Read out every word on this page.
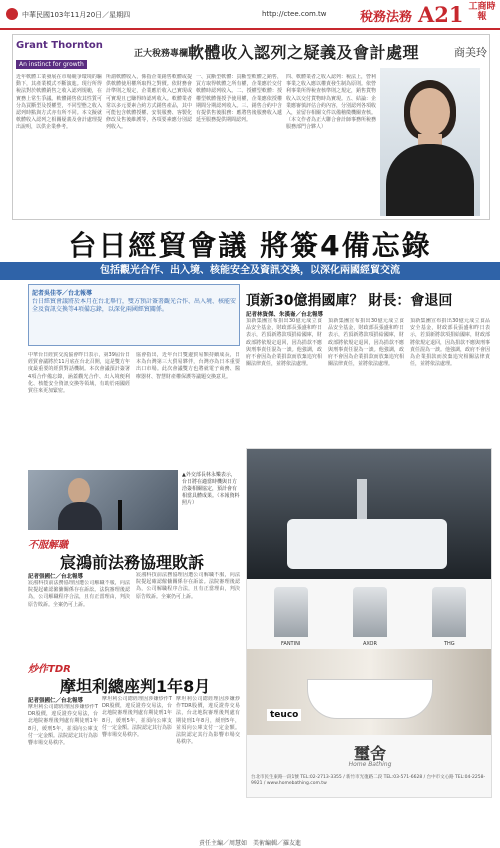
中華民國103年11月20日／星期四	http://ctee.com.tw	稅務法務 A21 工商時報
Grant Thornton
An instinct for growth
正大稅務專欄 軟體收入認列之疑義及會計處理	商美玲
近年軟體工業發展在市場競爭環境的驅動下，其產業模式不斷演進。現行所得稅法對於軟體銷售之收入認列規範，在實務上常生爭議。軟體銷售依其性質可分為買斷型及授權型，不同型態之收入認列時點與方式亦有所不同。本文擬就軟體收入認列之相關疑義及會計處理提出說明，以供企業參考。
所謂軟體收入，係指企業銷售軟體或提供軟體使用權所取得之對價。依財務會計準則之規定，企業應於收入已實現或可實現且已賺得時認列收入。軟體業者常以多元要素合約方式銷售產品，其中可能包含軟體授權、安裝服務、客製化修改及售後維護等，各項要素應分別認列收入。
一、買斷型軟體：買斷型軟體之銷售，買方取得軟體之所有權，企業應於交付軟體時認列收入。二、授權型軟體：授權型軟體僅授予使用權，企業應依授權期間分期認列收入。三、銷售合約中含有提供售後服務：應將售後服務收入遞延至服務提供期間認列。
四、軟體業者之收入認列：稅法上，營利事業之收入應以權責發生制為原則。依營利事業所得稅查核準則之規定，銷售貨物收入以交付貨物時為實現。五、結論：企業應審慎評估合約內容，分別認列各項收入，並留存相關文件以備稽徵機關查核。（本文作者為正大聯合會計師事務所稅務服務部門合夥人）
台日經貿會議 將簽4備忘錄
包括觀光合作、出入境、核能安全及資訊交換，以深化兩國經貿交流
記者吳佳苓／台北報導
台日經貿會議將於本月在台北舉行，雙方預計簽署觀光合作、出入境、核能安全及資訊交換等4項備忘錄，以深化兩國經貿關係。
中華台日經貿交流協會昨日表示，第39屆台日經貿會議將於11月底在台北召開，這是雙方年度最重要的經貿對話機制。本次會議預計簽署4項合作備忘錄，涵蓋觀光合作、出入境便利化、核能安全資訊交換等領域，有助於兩國經貿往來更加緊密。
協會指出，近年台日雙邊貿易額持續成長，日本為台灣第三大貿易夥伴，台灣亦為日本重要出口市場。此次會議雙方也將就電子商務、醫療器材、智慧財產權保護等議題交換意見。
▲外交部長林永樂表示，台日將在適當時機與日方洽簽相關協定，預計會有相當具體成果。（本報資料照片）
不服解職
宸鴻前法務協理敗訴
記者張國仁／台北報導
宸鴻科技前法務協理因遭公司解職不服，向法院提起確認僱傭關係存在訴訟。法院審理後認為，公司解職程序合法，且有正當理由，判決原告敗訴。全案仍可上訴。
宸鴻科技前法務協理因遭公司解職不服，向法院提起確認僱傭關係存在訴訟。法院審理後認為，公司解職程序合法，且有正當理由，判決原告敗訴。全案仍可上訴。
炒作TDR
摩坦利總座判1年8月
記者張國仁／台北報導
摩坦利公司總經理因涉嫌炒作TDR股價，違反證券交易法，台北地院審理後判處有期徒刑1年8月，緩刑5年，並須向公庫支付一定金額。法院認定其行為影響市場交易秩序。
摩坦利公司總經理因涉嫌炒作TDR股價，違反證券交易法，台北地院審理後判處有期徒刑1年8月，緩刑5年，並須向公庫支付一定金額。法院認定其行為影響市場交易秩序。
摩坦利公司總經理因涉嫌炒作TDR股價，違反證券交易法，台北地院審理後判處有期徒刑1年8月，緩刑5年，並須向公庫支付一定金額。法院認定其行為影響市場交易秩序。
頂新30億捐國庫？ 財長：會退回
記者林資傑、朱漢崙／台北報導
頂新集團宣布捐出30億元成立食品安全基金，財政部長張盛和昨日表示，若頂新將款項捐給國庫，財政部將依規定退回，因為捐款不應與刑事責任混為一談。他強調，政府不會因為企業捐款而放棄追究相關法律責任，並將依法處理。
頂新集團宣布捐出30億元成立食品安全基金，財政部長張盛和昨日表示，若頂新將款項捐給國庫，財政部將依規定退回，因為捐款不應與刑事責任混為一談。他強調，政府不會因為企業捐款而放棄追究相關法律責任，並將依法處理。
頂新集團宣布捐出30億元成立食品安全基金，財政部長張盛和昨日表示，若頂新將款項捐給國庫，財政部將依規定退回，因為捐款不應與刑事責任混為一談。他強調，政府不會因為企業捐款而放棄追究相關法律責任，並將依法處理。
FANTINI	AXOR	THG
teuco
璽舍
Home Bathing
台北市民生東路一段1號 TEL:02-2713-3355 / 新竹市光復路二段 TEL:03-571-6628 / 台中市文心路 TEL:04-2258-9921 / www.homebathing.com.tw
責任主編／周慧如　美術編輯／羅友進
